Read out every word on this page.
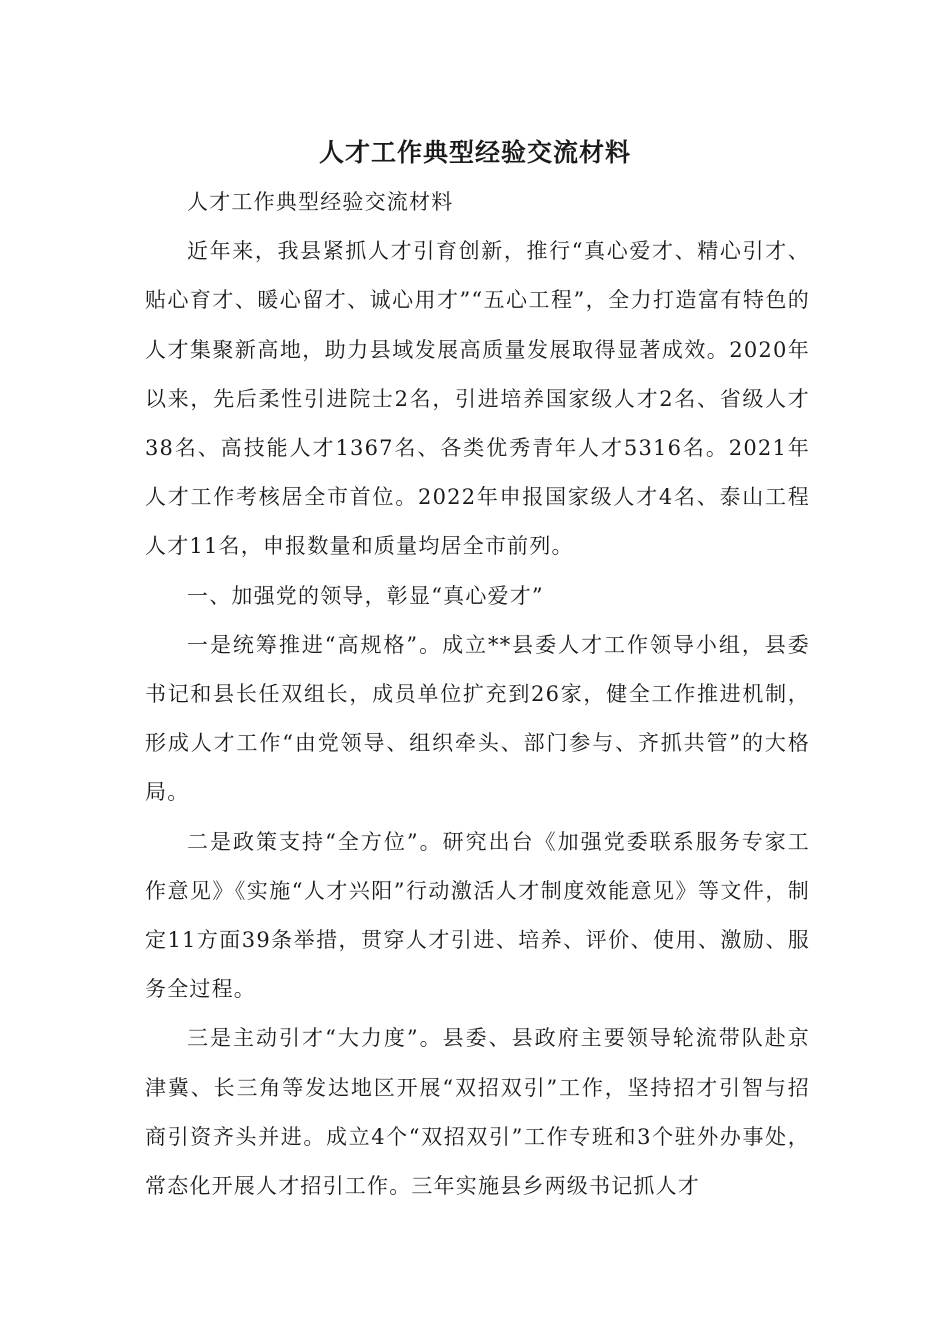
人才工作典型经验交流材料

人才工作典型经验交流材料

近年来，我县紧抓人才引育创新，推行“真心爱才、精心引才、贴心育才、暖心留才、诚心用才”“五心工程”，全力打造富有特色的人才集聚新高地，助力县域发展高质量发展取得显著成效。2020年以来，先后柔性引进院士2名，引进培养国家级人才2名、省级人才38名、高技能人才1367名、各类优秀青年人才5316名。2021年人才工作考核居全市首位。2022年申报国家级人才4名、泰山工程人才11名，申报数量和质量均居全市前列。

一、加强党的领导，彰显“真心爱才”

一是统筹推进“高规格”。成立**县委人才工作领导小组，县委书记和县长任双组长，成员单位扩充到26家，健全工作推进机制，形成人才工作“由党领导、组织牵头、部门参与、齐抓共管”的大格局。

二是政策支持“全方位”。研究出台《加强党委联系服务专家工作意见》《实施“人才兴阳”行动激活人才制度效能意见》等文件，制定11方面39条举措，贯穿人才引进、培养、评价、使用、激励、服务全过程。

三是主动引才“大力度”。县委、县政府主要领导轮流带队赴京津冀、长三角等发达地区开展“双招双引”工作，坚持招才引智与招商引资齐头并进。成立4个“双招双引”工作专班和3个驻外办事处，常态化开展人才招引工作。三年实施县乡两级书记抓人才
